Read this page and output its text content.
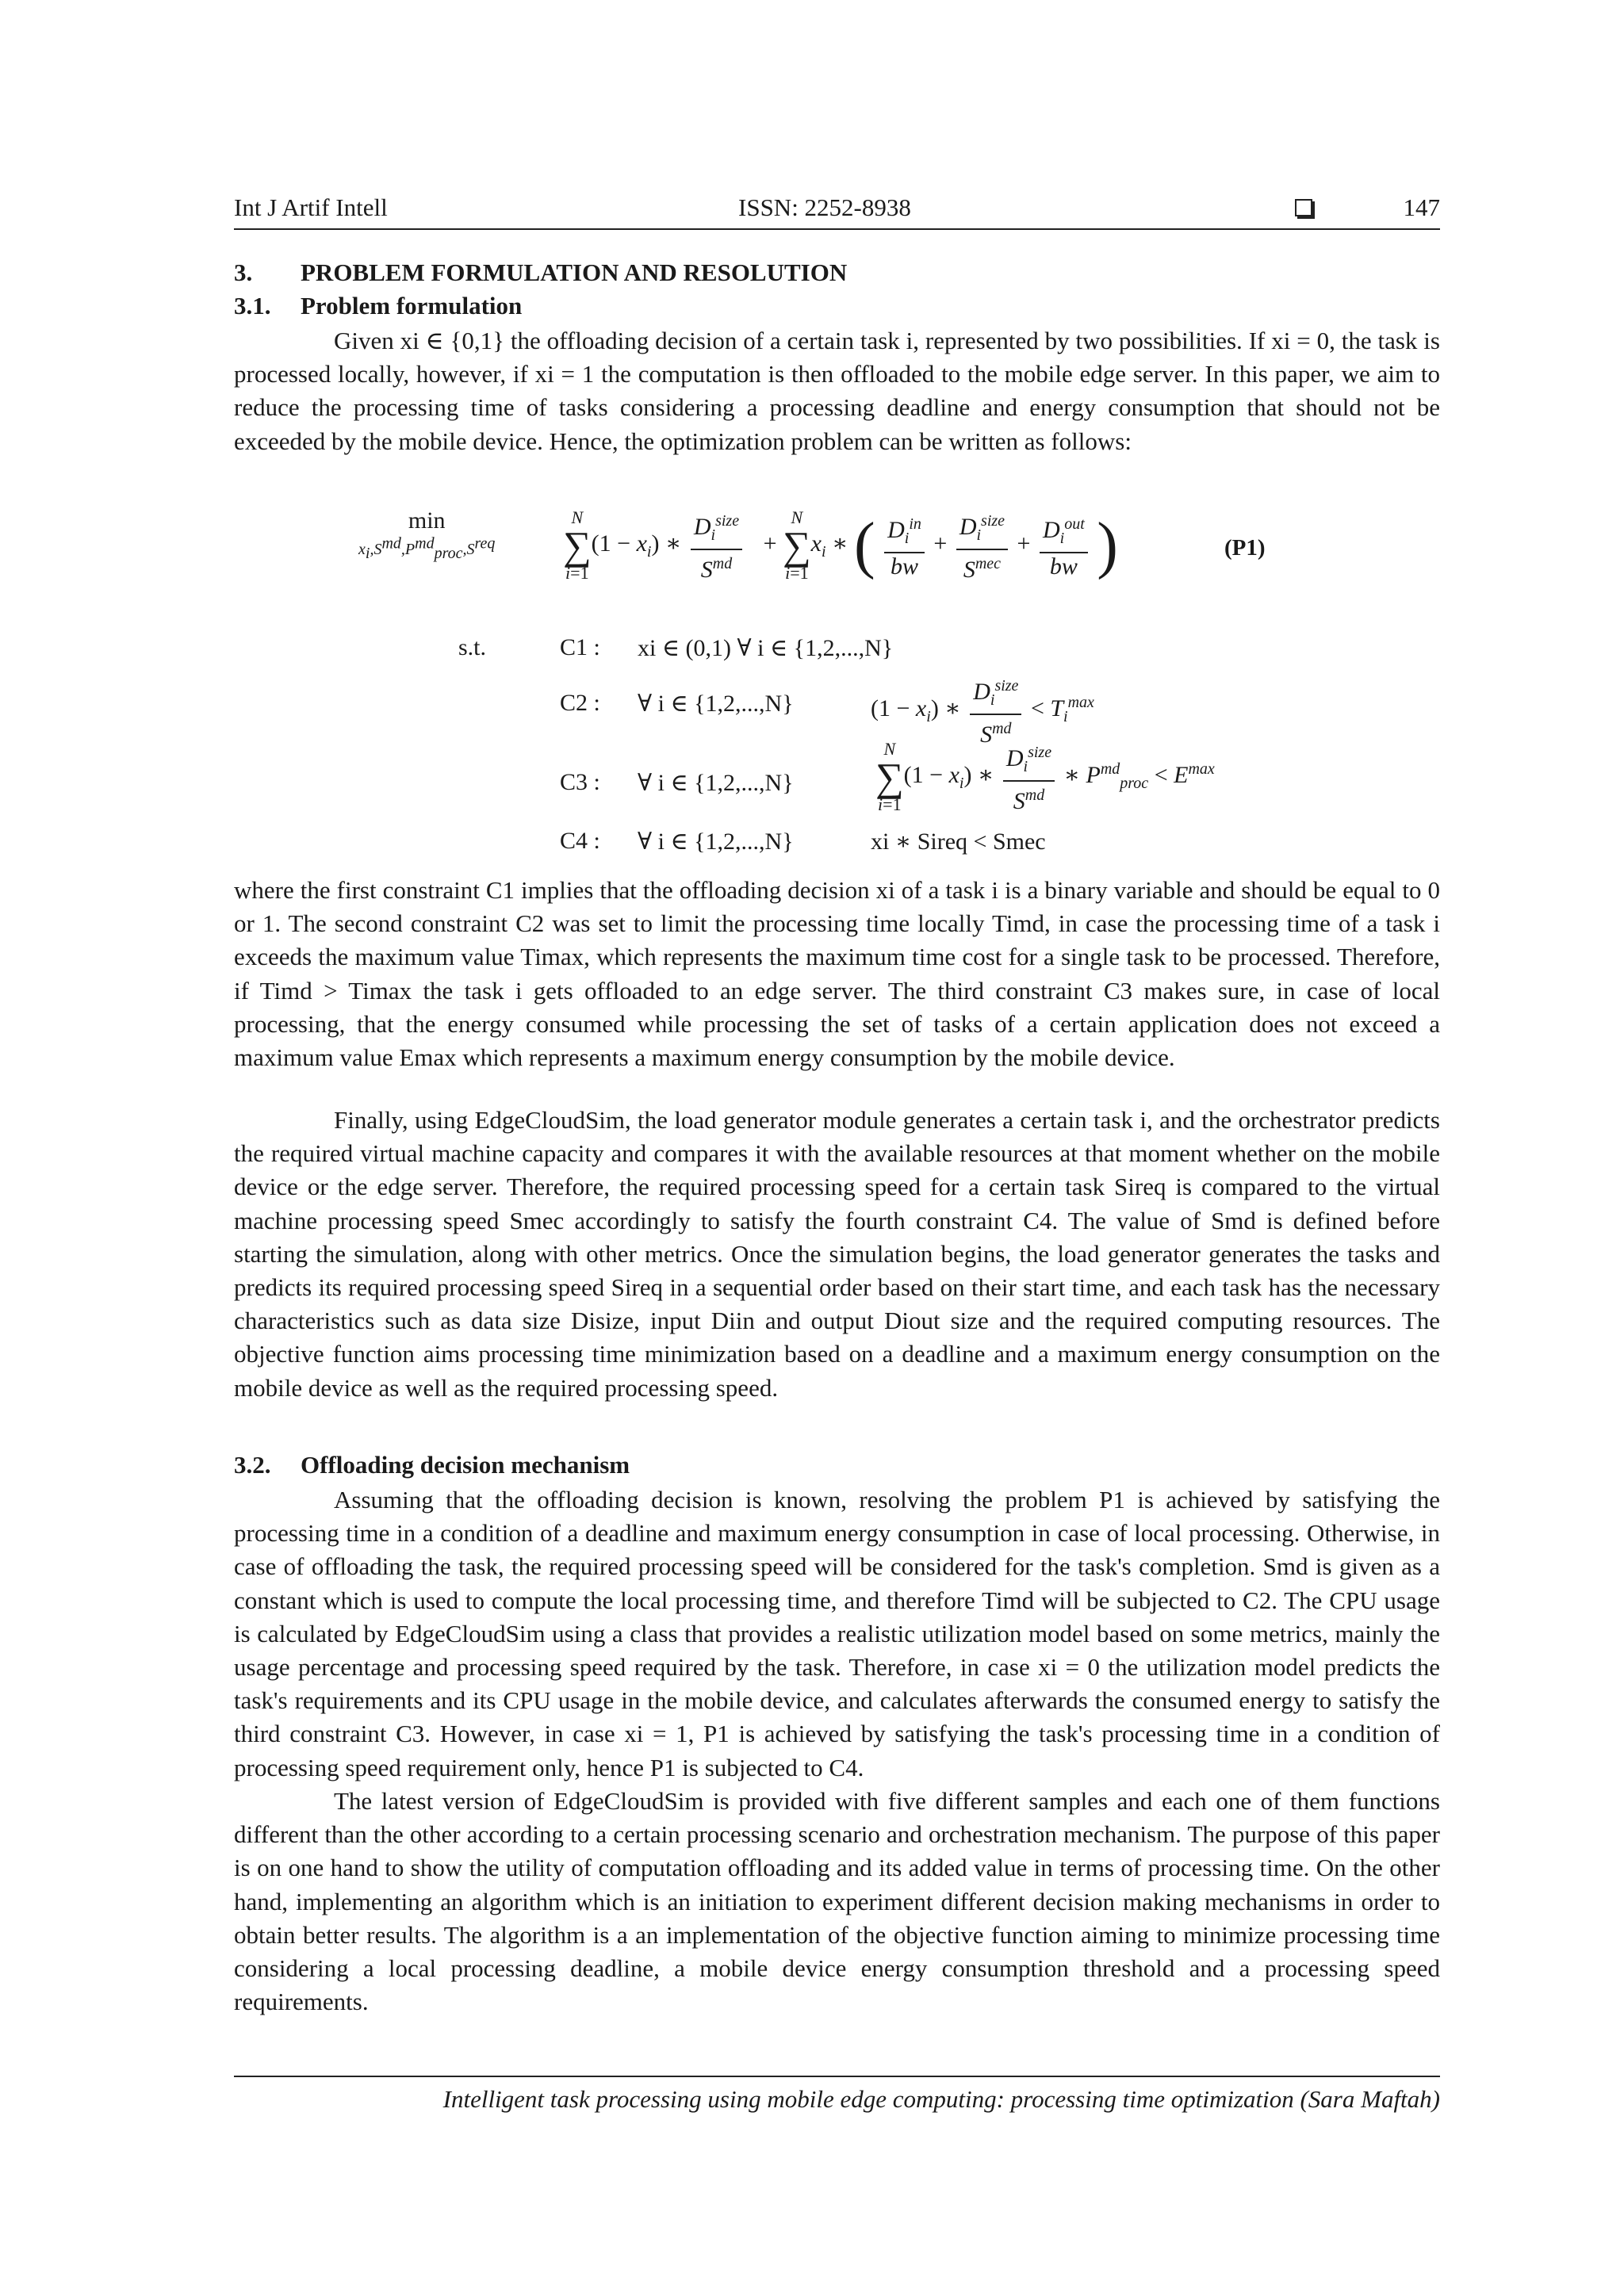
Int J Artif Intell	ISSN: 2252-8938	147
3. PROBLEM FORMULATION AND RESOLUTION
3.1. Problem formulation

Given xi ∈ {0,1} the offloading decision of a certain task i, represented by two possibilities. If xi = 0, the task is processed locally, however, if xi = 1 the computation is then offloaded to the mobile edge server. In this paper, we aim to reduce the processing time of tasks considering a processing deadline and energy consumption that should not be exceeded by the mobile device. Hence, the optimization problem can be written as follows:

min
$x_i,S^{md},P^{md}_{proc},S^{req}$
N
∑
i=1
$(1 - x_i)$ ∗ $\frac{D_i^{size}}{S^{md}}$ +
N
∑
i=1
$x_i$ ∗ ( $\frac{D_i^{in}}{bw} + \frac{D_i^{size}}{S^{mec}} + \frac{D_i^{out}}{bw}$ )	(P1)
s.t.	C1 : xi ∈ (0,1) ∀ i ∈ {1,2,...,N}
C2 : ∀ i ∈ {1,2,...,N}	$(1 - x_i)$ ∗ $\frac{D_i^{size}}{S^{md}} < T_i^{max}$
C3 : ∀ i ∈ {1,2,...,N}
N
∑
i=1
$(1 - x_i)$ ∗ $\frac{D_i^{size}}{S^{md}}$ ∗ $P^{md}_{proc} < E^{max}$
C4 : ∀ i ∈ {1,2,...,N}	xi ∗ Sireq < Smec

where the first constraint C1 implies that the offloading decision xi of a task i is a binary variable and should be equal to 0 or 1. The second constraint C2 was set to limit the processing time locally Timd, in case the processing time of a task i exceeds the maximum value Timax, which represents the maximum time cost for a single task to be processed. Therefore, if Timd > Timax the task i gets offloaded to an edge server. The third constraint C3 makes sure, in case of local processing, that the energy consumed while processing the set of tasks of a certain application does not exceed a maximum value Emax which represents a maximum energy consumption by the mobile device.

Finally, using EdgeCloudSim, the load generator module generates a certain task i, and the orchestrator predicts the required virtual machine capacity and compares it with the available resources at that moment whether on the mobile device or the edge server. Therefore, the required processing speed for a certain task Sireq is compared to the virtual machine processing speed Smec accordingly to satisfy the fourth constraint C4. The value of Smd is defined before starting the simulation, along with other metrics. Once the simulation begins, the load generator generates the tasks and predicts its required processing speed Sireq in a sequential order based on their start time, and each task has the necessary characteristics such as data size Disize, input Diin and output Diout size and the required computing resources. The objective function aims processing time minimization based on a deadline and a maximum energy consumption on the mobile device as well as the required processing speed.

3.2. Offloading decision mechanism

Assuming that the offloading decision is known, resolving the problem P1 is achieved by satisfying the processing time in a condition of a deadline and maximum energy consumption in case of local processing. Otherwise, in case of offloading the task, the required processing speed will be considered for the task's completion. Smd is given as a constant which is used to compute the local processing time, and therefore Timd will be subjected to C2. The CPU usage is calculated by EdgeCloudSim using a class that provides a realistic utilization model based on some metrics, mainly the usage percentage and processing speed required by the task. Therefore, in case xi = 0 the utilization model predicts the task's requirements and its CPU usage in the mobile device, and calculates afterwards the consumed energy to satisfy the third constraint C3. However, in case xi = 1, P1 is achieved by satisfying the task's processing time in a condition of processing speed requirement only, hence P1 is subjected to C4.

The latest version of EdgeCloudSim is provided with five different samples and each one of them functions different than the other according to a certain processing scenario and orchestration mechanism. The purpose of this paper is on one hand to show the utility of computation offloading and its added value in terms of processing time. On the other hand, implementing an algorithm which is an initiation to experiment different decision making mechanisms in order to obtain better results. The algorithm is a an implementation of the objective function aiming to minimize processing time considering a local processing deadline, a mobile device energy consumption threshold and a processing speed requirements.

Intelligent task processing using mobile edge computing: processing time optimization (Sara Maftah)
